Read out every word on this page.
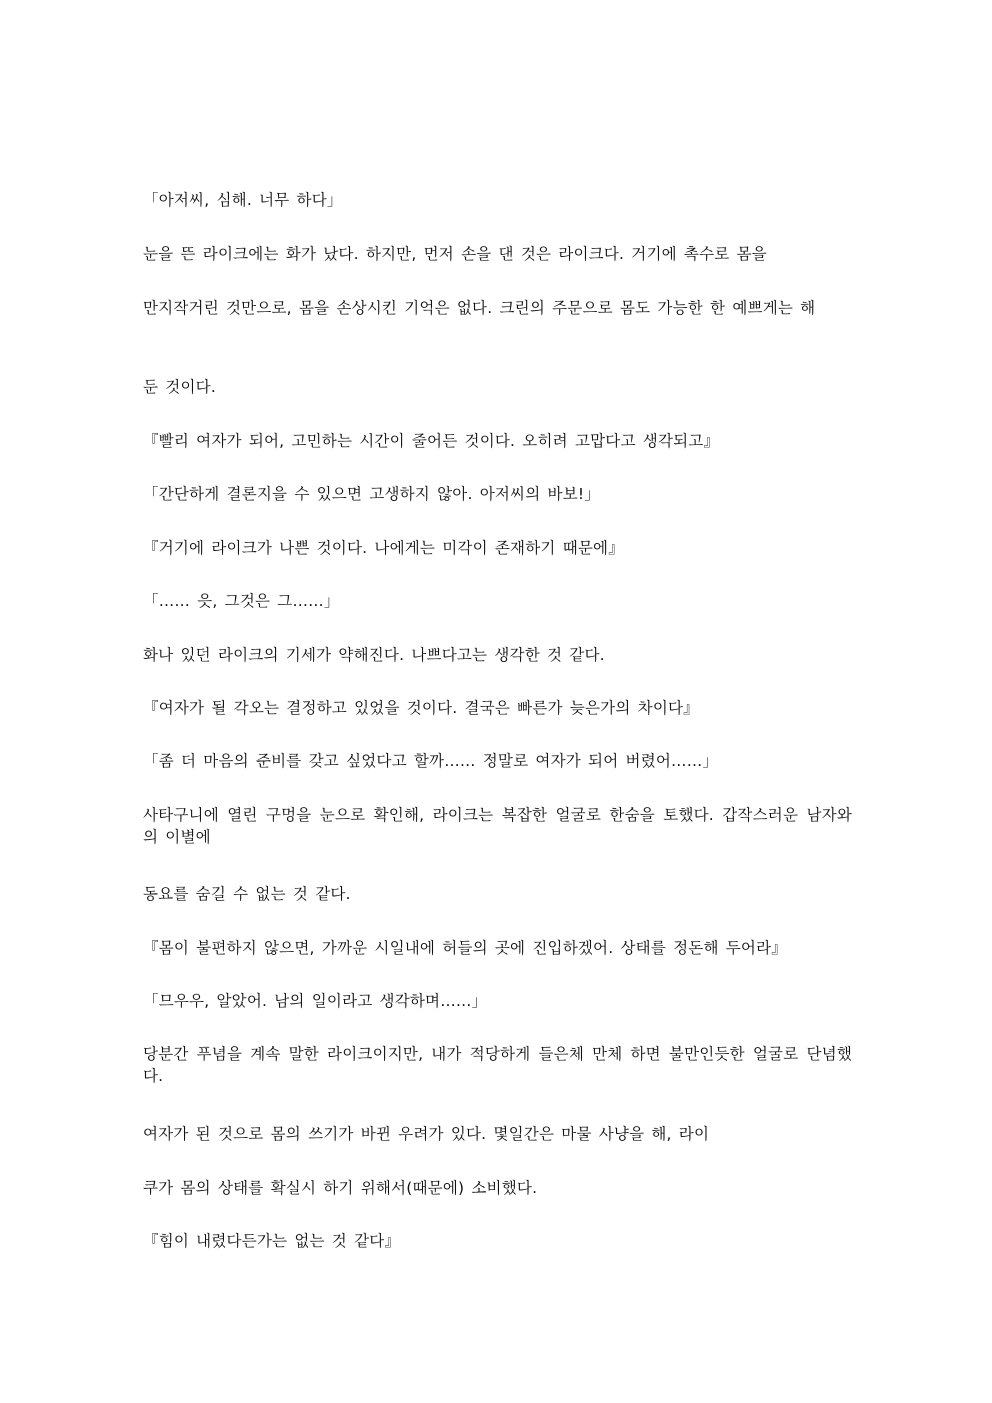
「아저씨, 심해. 너무 하다」

눈을 뜬 라이크에는 화가 났다. 하지만, 먼저 손을 댄 것은 라이크다. 거기에 촉수로 몸을

만지작거린 것만으로, 몸을 손상시킨 기억은 없다. 크린의 주문으로 몸도 가능한 한 예쁘게는 해

둔 것이다.

『빨리 여자가 되어, 고민하는 시간이 줄어든 것이다. 오히려 고맙다고 생각되고』

「간단하게 결론지을 수 있으면 고생하지 않아. 아저씨의 바보!」

『거기에 라이크가 나쁜 것이다. 나에게는 미각이 존재하기 때문에』

「…… 읏, 그것은 그……」

화나 있던 라이크의 기세가 약해진다. 나쁘다고는 생각한 것 같다.

『여자가 될 각오는 결정하고 있었을 것이다. 결국은 빠른가 늦은가의 차이다』

「좀 더 마음의 준비를 갖고 싶었다고 할까…… 정말로 여자가 되어 버렸어……」

사타구니에 열린 구멍을 눈으로 확인해, 라이크는 복잡한 얼굴로 한숨을 토했다. 갑작스러운 남자와의 이별에

동요를 숨길 수 없는 것 같다.

『몸이 불편하지 않으면, 가까운 시일내에 허들의 곳에 진입하겠어. 상태를 정돈해 두어라』

「므우우, 알았어. 남의 일이라고 생각하며……」

당분간 푸념을 계속 말한 라이크이지만, 내가 적당하게 들은체 만체 하면 불만인듯한 얼굴로 단념했다.

여자가 된 것으로 몸의 쓰기가 바뀐 우려가 있다. 몇일간은 마물 사냥을 해, 라이

쿠가 몸의 상태를 확실시 하기 위해서(때문에) 소비했다.

『힘이 내렸다든가는 없는 것 같다』
